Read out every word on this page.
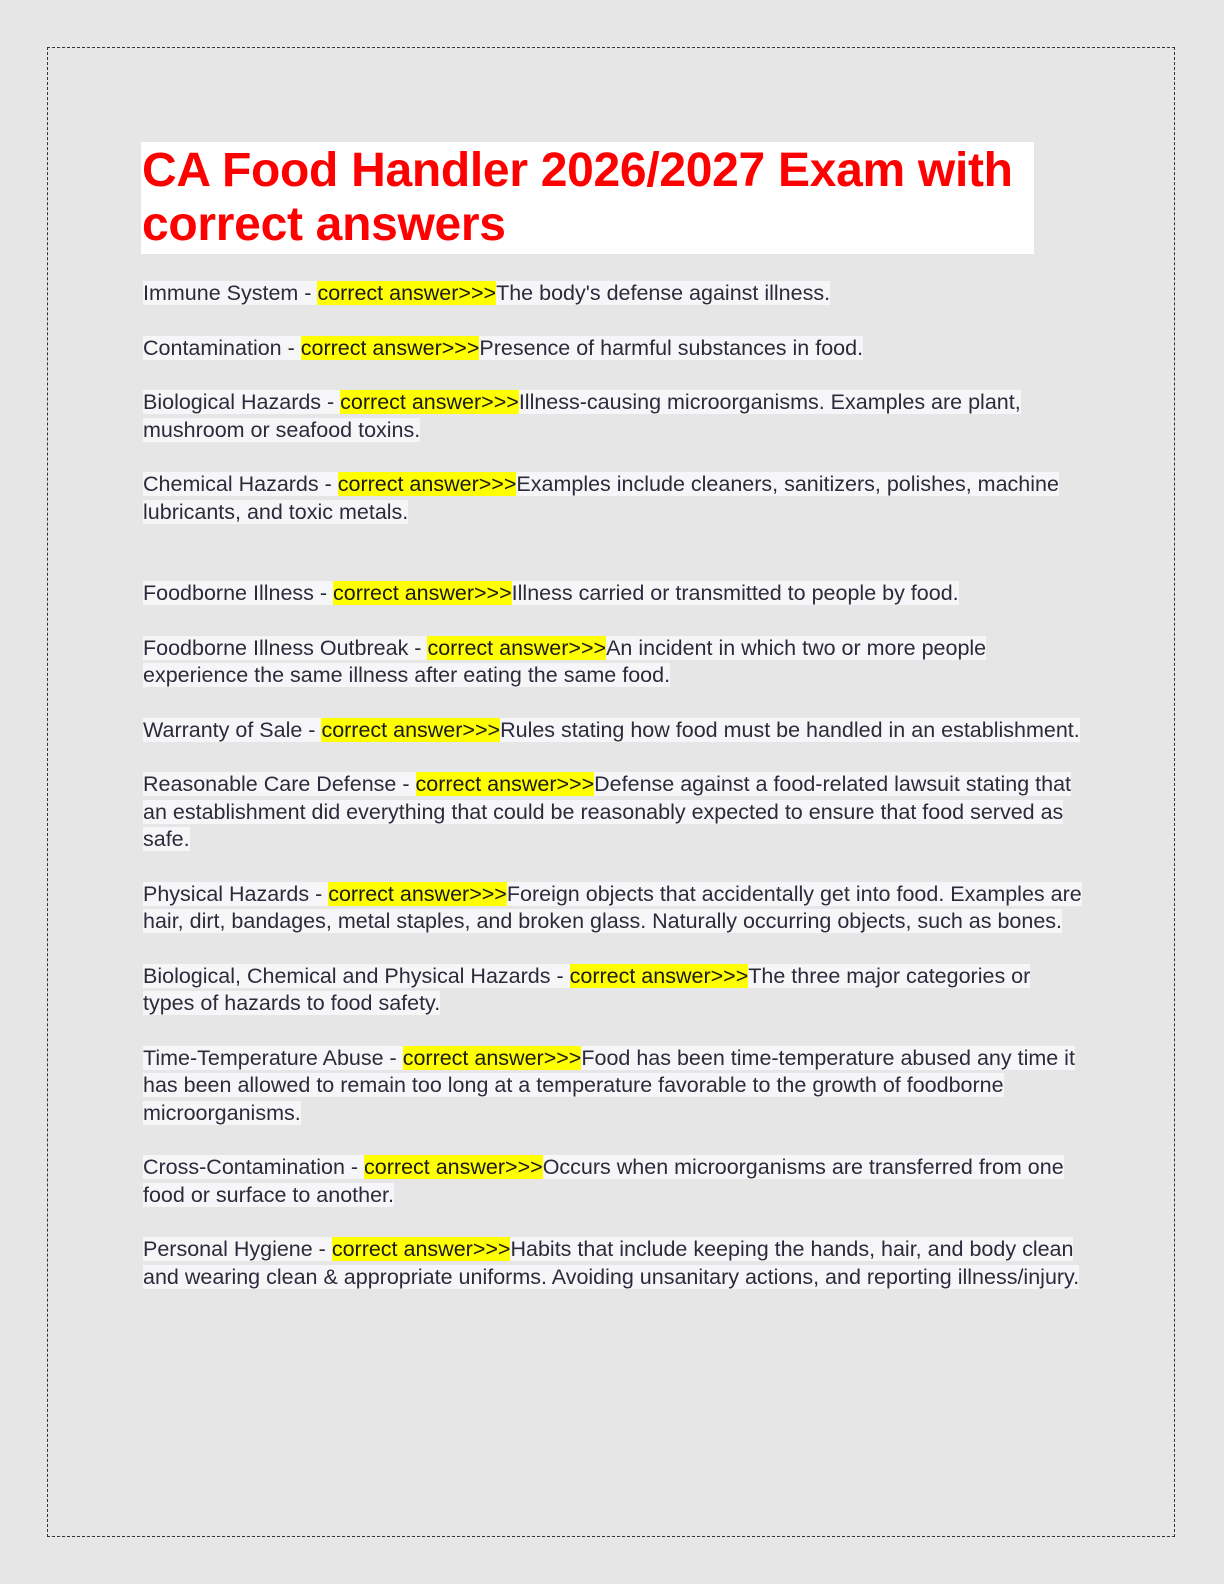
CA Food Handler 2026/2027 Exam with correct answers

Immune System - correct answer>>>The body's defense against illness.

Contamination - correct answer>>>Presence of harmful substances in food.

Biological Hazards - correct answer>>>Illness-causing microorganisms. Examples are plant, mushroom or seafood toxins.

Chemical Hazards - correct answer>>>Examples include cleaners, sanitizers, polishes, machine lubricants, and toxic metals.

Foodborne Illness - correct answer>>>Illness carried or transmitted to people by food.

Foodborne Illness Outbreak - correct answer>>>An incident in which two or more people experience the same illness after eating the same food.

Warranty of Sale - correct answer>>>Rules stating how food must be handled in an establishment.

Reasonable Care Defense - correct answer>>>Defense against a food-related lawsuit stating that an establishment did everything that could be reasonably expected to ensure that food served as safe.

Physical Hazards - correct answer>>>Foreign objects that accidentally get into food. Examples are hair, dirt, bandages, metal staples, and broken glass. Naturally occurring objects, such as bones.

Biological, Chemical and Physical Hazards - correct answer>>>The three major categories or types of hazards to food safety.

Time-Temperature Abuse - correct answer>>>Food has been time-temperature abused any time it has been allowed to remain too long at a temperature favorable to the growth of foodborne microorganisms.

Cross-Contamination - correct answer>>>Occurs when microorganisms are transferred from one food or surface to another.

Personal Hygiene - correct answer>>>Habits that include keeping the hands, hair, and body clean and wearing clean & appropriate uniforms. Avoiding unsanitary actions, and reporting illness/injury.
